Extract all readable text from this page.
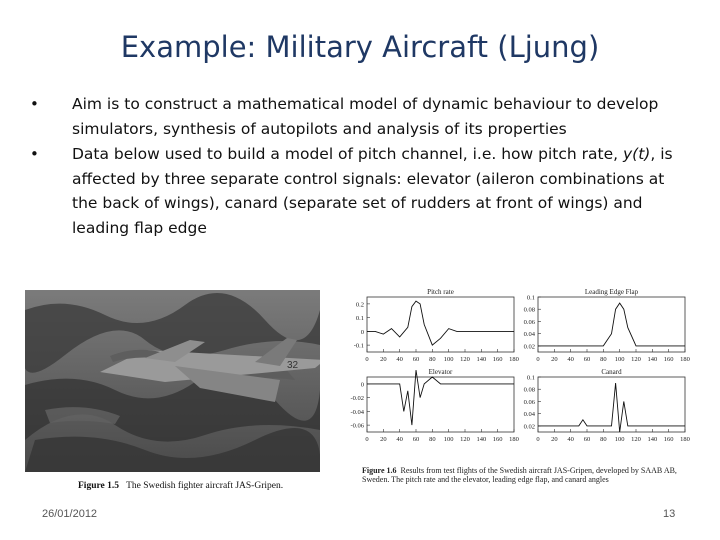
Example: Military Aircraft (Ljung)
• Aim is to construct a mathematical model of dynamic behaviour to develop simulators, synthesis of autopilots and analysis of its properties
• Data below used to build a model of pitch channel, i.e. how pitch rate, y(t), is affected by three separate control signals: elevator (aileron combinations at the back of wings), canard (separate set of rudders at front of wings) and leading flap edge
32
Figure 1.5 The Swedish fighter aircraft JAS-Gripen.
Pitch rate
0.2
0.1
0
-0.1
0 20 40 60 80 100 120 140 160 180
Leading Edge Flap
0.02
0.04
0.06
0.08
0.1
0 20 40 60 80 100 120 140 160 180
Elevator
0
-0.02
-0.04
-0.06
0 20 40 60 80 100 120 140 160 180
Canard
0.02
0.04
0.06
0.08
0.1
0 20 40 60 80 100 120 140 160 180
Figure 1.6 Results from test flights of the Swedish aircraft JAS-Gripen, developed by SAAB AB, Sweden. The pitch rate and the elevator, leading edge flap, and canard angles
26/01/2012	13
